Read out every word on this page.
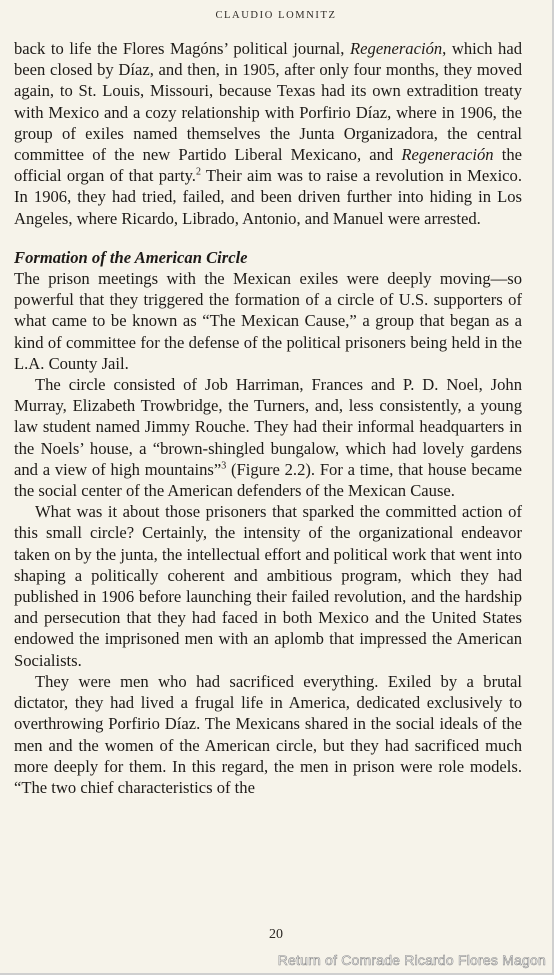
CLAUDIO LOMNITZ

back to life the Flores Magóns’ political journal, Regeneración, which had been closed by Díaz, and then, in 1905, after only four months, they moved again, to St. Louis, Missouri, because Texas had its own extradition treaty with Mexico and a cozy relationship with Porfirio Díaz, where in 1906, the group of exiles named themselves the Junta Organizadora, the central committee of the new Partido Liberal Mexicano, and Regeneración the official organ of that party.$^2$ Their aim was to raise a revolution in Mexico. In 1906, they had tried, failed, and been driven further into hiding in Los Angeles, where Ricardo, Librado, Antonio, and Manuel were arrested.

Formation of the American Circle

The prison meetings with the Mexican exiles were deeply moving—so powerful that they triggered the formation of a circle of U.S. supporters of what came to be known as “The Mexican Cause,” a group that began as a kind of committee for the defense of the political prisoners being held in the L.A. County Jail.

The circle consisted of Job Harriman, Frances and P. D. Noel, John Murray, Elizabeth Trowbridge, the Turners, and, less consistently, a young law student named Jimmy Rouche. They had their informal headquarters in the Noels’ house, a “brown-shingled bungalow, which had lovely gardens and a view of high mountains”$^3$ (Figure 2.2). For a time, that house became the social center of the American defenders of the Mexican Cause.

What was it about those prisoners that sparked the committed action of this small circle? Certainly, the intensity of the organizational endeavor taken on by the junta, the intellectual effort and political work that went into shaping a politically coherent and ambitious program, which they had published in 1906 before launching their failed revolution, and the hardship and persecution that they had faced in both Mexico and the United States endowed the imprisoned men with an aplomb that impressed the American Socialists.

They were men who had sacrificed everything. Exiled by a brutal dictator, they had lived a frugal life in America, dedicated exclusively to overthrowing Porfirio Díaz. The Mexicans shared in the social ideals of the men and the women of the American circle, but they had sacrificed much more deeply for them. In this regard, the men in prison were role models. “The two chief characteristics of the

20
Return of Comrade Ricardo Flores Magon
